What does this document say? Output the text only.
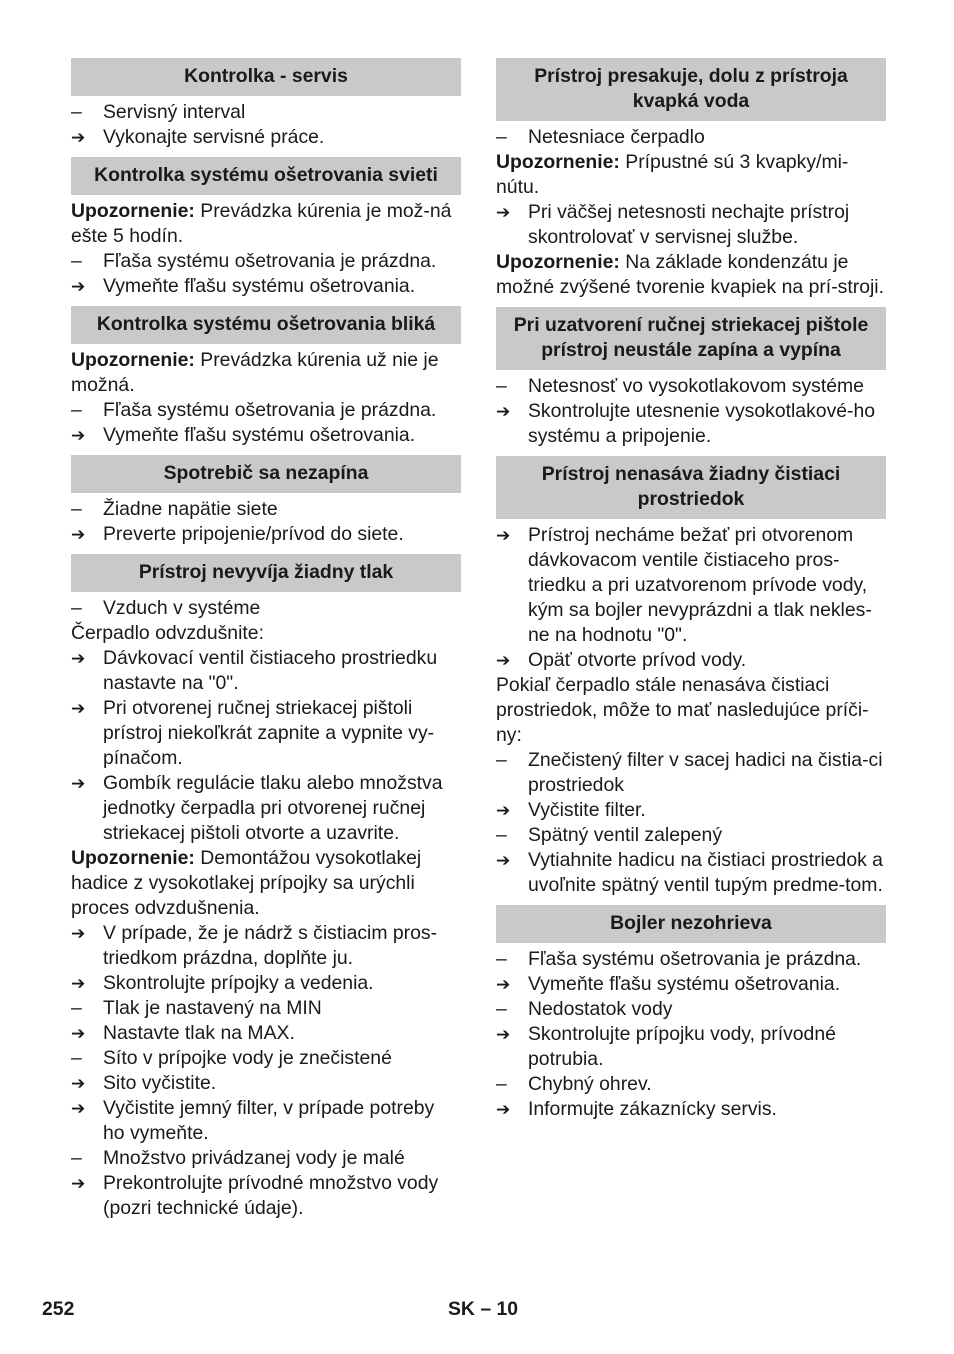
Kontrolka - servis
–	Servisný interval
➔ Vykonajte servisné práce.
Kontrolka systému ošetrovania svieti
Upozornenie: Prevádzka kúrenia je mož-ná ešte 5 hodín.
–	Fľaša systému ošetrovania je prázdna.
➔ Vymeňte fľašu systému ošetrovania.
Kontrolka systému ošetrovania bliká
Upozornenie: Prevádzka kúrenia už nie je možná.
–	Fľaša systému ošetrovania je prázdna.
➔ Vymeňte fľašu systému ošetrovania.
Spotrebič sa nezapína
–	Žiadne napätie siete
➔ Preverte pripojenie/prívod do siete.
Prístroj nevyvíja žiadny tlak
–	Vzduch v systéme
Čerpadlo odvzdušnite:
➔ Dávkovací ventil čistiaceho prostriedku nastavte na "0".
➔ Pri otvorenej ručnej striekacej pištoli prístroj niekoľkrát zapnite a vypnite vy-pínačom.
➔ Gombík regulácie tlaku alebo množstva jednotky čerpadla pri otvorenej ručnej striekacej pištoli otvorte a uzavrite.
Upozornenie: Demontážou vysokotlakej hadice z vysokotlakej prípojky sa urýchli proces odvzdušnenia.
➔ V prípade, že je nádrž s čistiacim pros-triedkom prázdna, doplňte ju.
➔ Skontrolujte prípojky a vedenia.
–	Tlak je nastavený na MIN
➔ Nastavte tlak na MAX.
–	Síto v prípojke vody je znečistené
➔ Sito vyčistite.
➔ Vyčistite jemný filter, v prípade potreby ho vymeňte.
–	Množstvo privádzanej vody je malé
➔ Prekontrolujte prívodné množstvo vody (pozri technické údaje).
Prístroj presakuje, dolu z prístroja kvapká voda
–	Netesniace čerpadlo
Upozornenie: Prípustné sú 3 kvapky/mi-nútu.
➔ Pri väčšej netesnosti nechajte prístroj skontrolovať v servisnej službe.
Upozornenie: Na základe kondenzátu je možné zvýšené tvorenie kvapiek na prí-stroji.
Pri uzatvorení ručnej striekacej pištole prístroj neustále zapína a vypína
–	Netesnosť vo vysokotlakovom systéme
➔ Skontrolujte utesnenie vysokotlakové-ho systému a pripojenie.
Prístroj nenasáva žiadny čistiaci prostriedok
➔ Prístroj necháme bežať pri otvorenom dávkovacom ventile čistiaceho pros-triedku a pri uzatvorenom prívode vody, kým sa bojler nevyprázdni a tlak nekles-ne na hodnotu "0".
➔ Opäť otvorte prívod vody.
Pokiaľ čerpadlo stále nenasáva čistiaci prostriedok, môže to mať nasledujúce príči-ny:
–	Znečistený filter v sacej hadici na čistia-ci prostriedok
➔ Vyčistite filter.
–	Spätný ventil zalepený
➔ Vytiahnite hadicu na čistiaci prostriedok a uvoľnite spätný ventil tupým predme-tom.
Bojler nezohrieva
–	Fľaša systému ošetrovania je prázdna.
➔ Vymeňte fľašu systému ošetrovania.
–	Nedostatok vody
➔ Skontrolujte prípojku vody, prívodné potrubia.
–	Chybný ohrev.
➔ Informujte zákaznícky servis.
252	SK – 10
